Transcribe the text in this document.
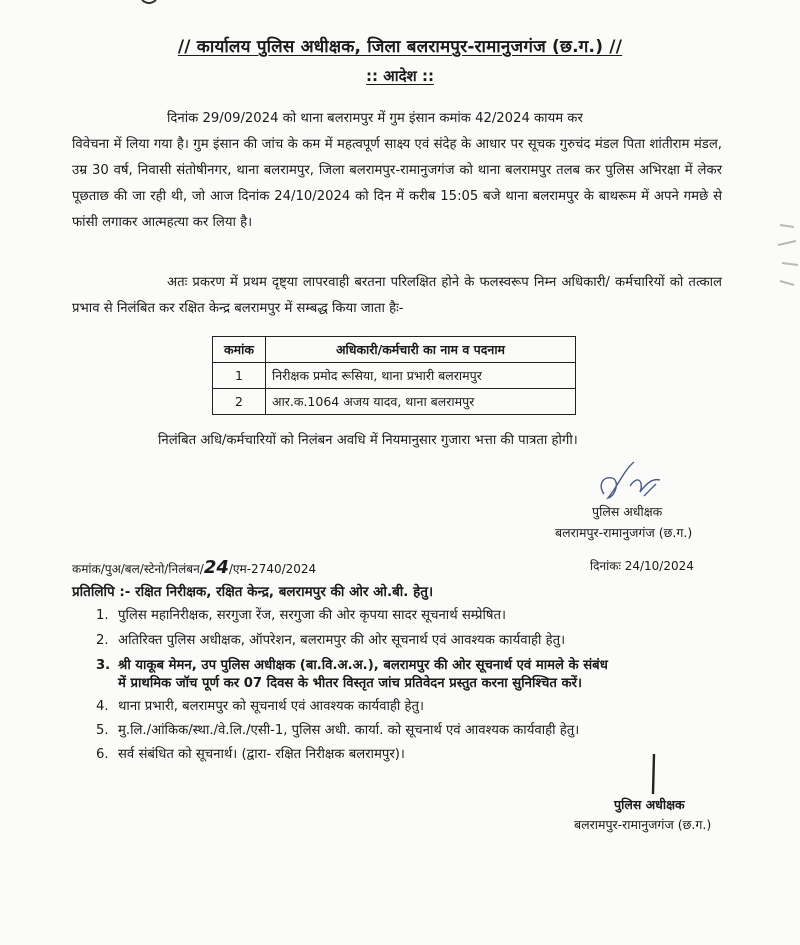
// कार्यालय पुलिस अधीक्षक, जिला बलरामपुर-रामानुजगंज (छ.ग.) //
:: आदेश ::
दिनांक 29/09/2024 को थाना बलरामपुर में गुम इंसान कमांक 42/2024 कायम कर
विवेचना में लिया गया है। गुम इंसान की जांच के कम में महत्वपूर्ण साक्ष्य एवं संदेह के आधार पर सूचक गुरुचंद मंडल पिता शांतीराम मंडल, उम्र 30 वर्ष, निवासी संतोषीनगर, थाना बलरामपुर, जिला बलरामपुर-रामानुजगंज को थाना बलरामपुर तलब कर पुलिस अभिरक्षा में लेकर पूछताछ की जा रही थी, जो आज दिनांक 24/10/2024 को दिन में करीब 15:05 बजे थाना बलरामपुर के बाथरूम में अपने गमछे से फांसी लगाकर आत्महत्या कर लिया है।
अतः प्रकरण में प्रथम दृष्ट्या लापरवाही बरतना परिलक्षित होने के फलस्वरूप निम्न अधिकारी/ कर्मचारियों को तत्काल प्रभाव से निलंबित कर रक्षित केन्द्र बलरामपुर में सम्बद्ध किया जाता हैः-
कमांक	अधिकारी/कर्मचारी का नाम व पदनाम
1	निरीक्षक प्रमोद रूसिया, थाना प्रभारी बलरामपुर
2	आर.क.1064 अजय यादव, थाना बलरामपुर
निलंबित अधि/कर्मचारियों को निलंबन अवधि में नियमानुसार गुजारा भत्ता की पात्रता होगी।
पुलिस अधीक्षक
बलरामपुर-रामानुजगंज (छ.ग.)
कमांक/पुअ/बल/स्टेनो/निलंबन/24/एम-2740/2024	दिनांकः 24/10/2024
प्रतिलिपि :- रक्षित निरीक्षक, रक्षित केन्द्र, बलरामपुर की ओर ओ.बी. हेतु।
1. पुलिस महानिरीक्षक, सरगुजा रेंज, सरगुजा की ओर कृपया सादर सूचनार्थ सम्प्रेषित।
2. अतिरिक्त पुलिस अधीक्षक, ऑपरेशन, बलरामपुर की ओर सूचनार्थ एवं आवश्यक कार्यवाही हेतु।
3. श्री याकूब मेमन, उप पुलिस अधीक्षक (बा.वि.अ.अ.), बलरामपुर की ओर सूचनार्थ एवं मामले के संबंध
में प्राथमिक जॉच पूर्ण कर 07 दिवस के भीतर विस्तृत जांच प्रतिवेदन प्रस्तुत करना सुनिश्चित करें।
4. थाना प्रभारी, बलरामपुर को सूचनार्थ एवं आवश्यक कार्यवाही हेतु।
5. मु.लि./आंकिक/स्था./वे.लि./एसी-1, पुलिस अधी. कार्या. को सूचनार्थ एवं आवश्यक कार्यवाही हेतु।
6. सर्व संबंधित को सूचनार्थ। (द्वारा- रक्षित निरीक्षक बलरामपुर)।
पुलिस अधीक्षक
बलरामपुर-रामानुजगंज (छ.ग.)
